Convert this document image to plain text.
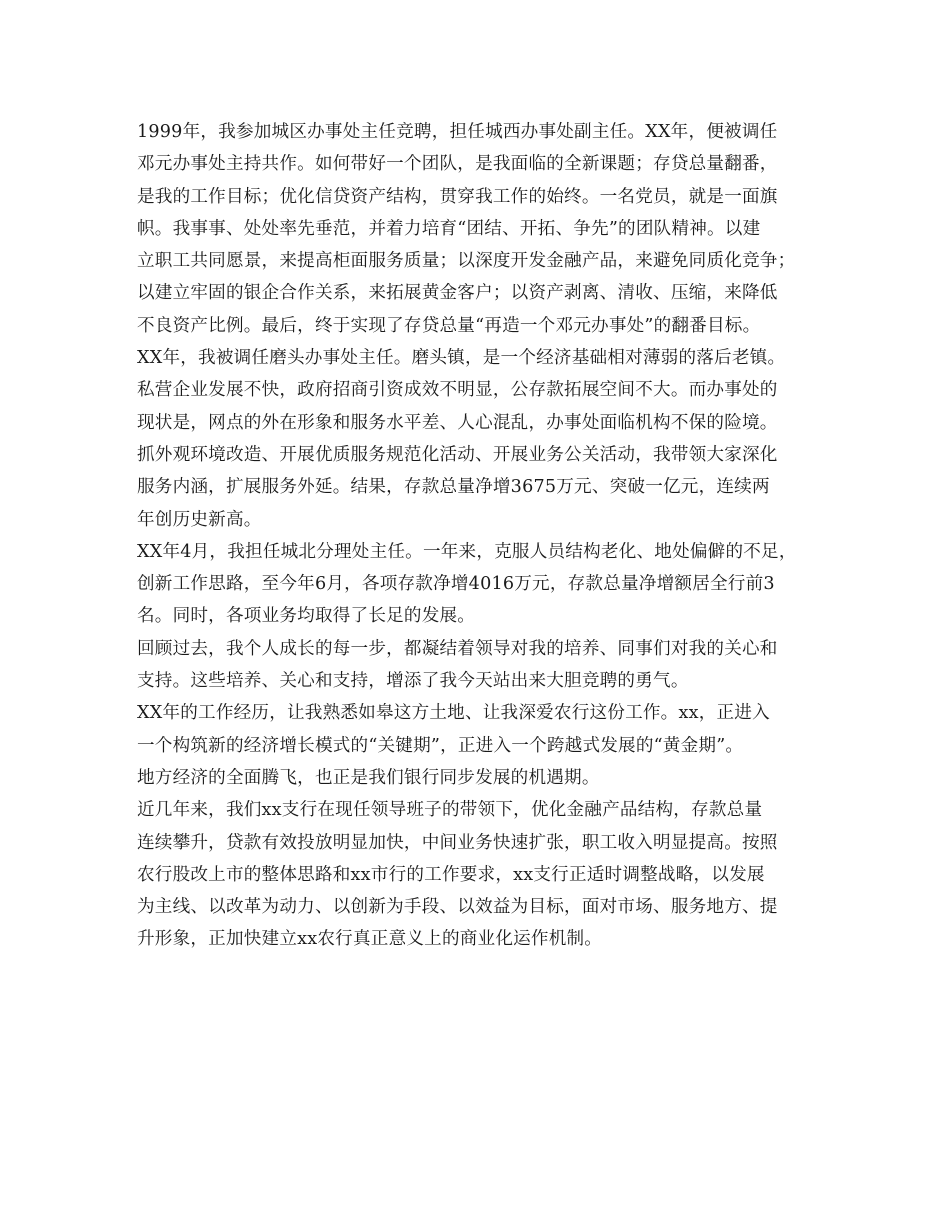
1999年，我参加城区办事处主任竞聘，担任城西办事处副主任。XX年，便被调任
邓元办事处主持共作。如何带好一个团队，是我面临的全新课题；存贷总量翻番，
是我的工作目标；优化信贷资产结构，贯穿我工作的始终。一名党员，就是一面旗
帜。我事事、处处率先垂范，并着力培育“团结、开拓、争先”的团队精神。以建
立职工共同愿景，来提高柜面服务质量；以深度开发金融产品，来避免同质化竞争；
以建立牢固的银企合作关系，来拓展黄金客户；以资产剥离、清收、压缩，来降低
不良资产比例。最后，终于实现了存贷总量“再造一个邓元办事处”的翻番目标。
XX年，我被调任磨头办事处主任。磨头镇，是一个经济基础相对薄弱的落后老镇。
私营企业发展不快，政府招商引资成效不明显，公存款拓展空间不大。而办事处的
现状是，网点的外在形象和服务水平差、人心混乱，办事处面临机构不保的险境。
抓外观环境改造、开展优质服务规范化活动、开展业务公关活动，我带领大家深化
服务内涵，扩展服务外延。结果，存款总量净增3675万元、突破一亿元，连续两
年创历史新高。
XX年4月，我担任城北分理处主任。一年来，克服人员结构老化、地处偏僻的不足，
创新工作思路，至今年6月，各项存款净增4016万元，存款总量净增额居全行前3
名。同时，各项业务均取得了长足的发展。
回顾过去，我个人成长的每一步，都凝结着领导对我的培养、同事们对我的关心和
支持。这些培养、关心和支持，增添了我今天站出来大胆竞聘的勇气。
XX年的工作经历，让我熟悉如皋这方土地、让我深爱农行这份工作。xx，正进入
一个构筑新的经济增长模式的“关键期”，正进入一个跨越式发展的“黄金期”。
地方经济的全面腾飞，也正是我们银行同步发展的机遇期。
近几年来，我们xx支行在现任领导班子的带领下，优化金融产品结构，存款总量
连续攀升，贷款有效投放明显加快，中间业务快速扩张，职工收入明显提高。按照
农行股改上市的整体思路和xx市行的工作要求，xx支行正适时调整战略，以发展
为主线、以改革为动力、以创新为手段、以效益为目标，面对市场、服务地方、提
升形象，正加快建立xx农行真正意义上的商业化运作机制。
